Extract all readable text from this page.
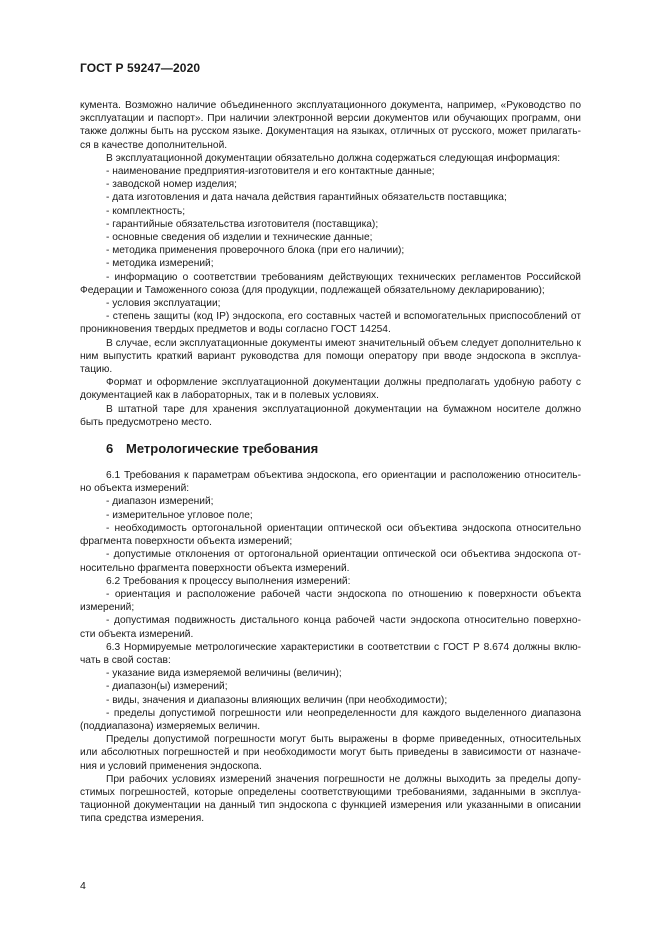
ГОСТ Р 59247—2020

кумента. Возможно наличие объединенного эксплуатационного документа, например, «Руководство по эксплуатации и паспорт». При наличии электронной версии документов или обучающих программ, они также должны быть на русском языке. Документация на языках, отличных от русского, может прилагать- ся в качестве дополнительной.

В эксплуатационной документации обязательно должна содержаться следующая информация:

- наименование предприятия-изготовителя и его контактные данные;

- заводской номер изделия;

- дата изготовления и дата начала действия гарантийных обязательств поставщика;

- комплектность;

- гарантийные обязательства изготовителя (поставщика);

- основные сведения об изделии и технические данные;

- методика применения проверочного блока (при его наличии);

- методика измерений;

- информацию о соответствии требованиям действующих технических регламентов Российской Федерации и Таможенного союза (для продукции, подлежащей обязательному декларированию);

- условия эксплуатации;

- степень защиты (код IP) эндоскопа, его составных частей и вспомогательных приспособлений от проникновения твердых предметов и воды согласно ГОСТ 14254.

В случае, если эксплуатационные документы имеют значительный объем следует дополнительно к ним выпустить краткий вариант руководства для помощи оператору при вводе эндоскопа в эксплуа- тацию.

Формат и оформление эксплуатационной документации должны предполагать удобную работу с документацией как в лабораторных, так и в полевых условиях.

В штатной таре для хранения эксплуатационной документации на бумажном носителе должно быть предусмотрено место.

6 Метрологические требования

6.1 Требования к параметрам объектива эндоскопа, его ориентации и расположению относитель- но объекта измерений:

- диапазон измерений;

- измерительное угловое поле;

- необходимость ортогональной ориентации оптической оси объектива эндоскопа относительно фрагмента поверхности объекта измерений;

- допустимые отклонения от ортогональной ориентации оптической оси объектива эндоскопа от- носительно фрагмента поверхности объекта измерений.

6.2 Требования к процессу выполнения измерений:

- ориентация и расположение рабочей части эндоскопа по отношению к поверхности объекта измерений;

- допустимая подвижность дистального конца рабочей части эндоскопа относительно поверхно- сти объекта измерений.

6.3 Нормируемые метрологические характеристики в соответствии с ГОСТ Р 8.674 должны вклю- чать в свой состав:

- указание вида измеряемой величины (величин);

- диапазон(ы) измерений;

- виды, значения и диапазоны влияющих величин (при необходимости);

- пределы допустимой погрешности или неопределенности для каждого выделенного диапазона (поддиапазона) измеряемых величин.

Пределы допустимой погрешности могут быть выражены в форме приведенных, относительных или абсолютных погрешностей и при необходимости могут быть приведены в зависимости от назначе- ния и условий применения эндоскопа.

При рабочих условиях измерений значения погрешности не должны выходить за пределы допу- стимых погрешностей, которые определены соответствующими требованиями, заданными в эксплуа- тационной документации на данный тип эндоскопа с функцией измерения или указанными в описании типа средства измерения.

4
